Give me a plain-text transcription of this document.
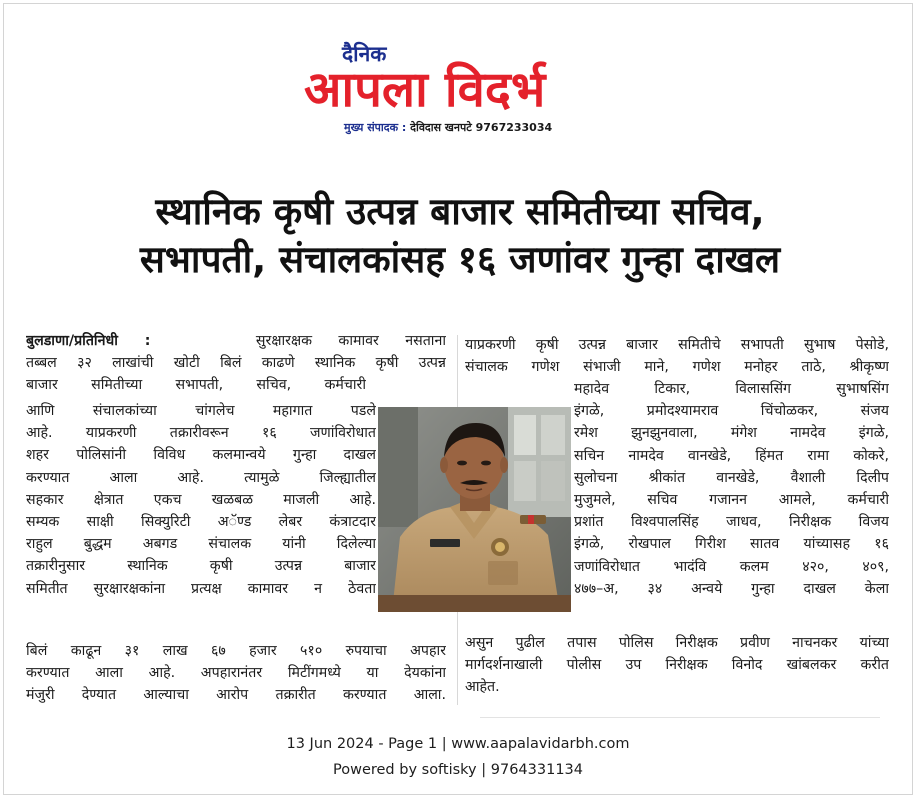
दैनिक
आपला विदर्भ
मुख्य संपादक : देविदास खनपटे 9767233034
स्थानिक कृषी उत्पन्न बाजार समितीच्या सचिव,
सभापती, संचालकांसह १६ जणांवर गुन्हा दाखल
बुलडाणा/प्रतिनिधी :	सुरक्षारक्षक कामावर नसताना
तब्बल ३२ लाखांची खोटी बिलं काढणे स्थानिक कृषी उत्पन्न
बाजार समितीच्या सभापती, सचिव, कर्मचारी
आणि संचालकांच्या चांगलेच महागात पडले
आहे. याप्रकरणी तक्रारीवरून १६ जणांविरोधात
शहर पोलिसांनी विविध कलमान्वये गुन्हा दाखल
करण्यात आला आहे. त्यामुळे जिल्ह्यातील
सहकार क्षेत्रात एकच खळबळ माजली आहे.
सम्यक साक्षी सिक्युरिटी अॅण्ड लेबर कंत्राटदार
राहुल बुद्धम अबगड संचालक यांनी दिलेल्या
तक्रारीनुसार स्थानिक कृषी उत्पन्न बाजार
समितीत सुरक्षारक्षकांना प्रत्यक्ष कामावर न ठेवता
बिलं काढून ३१ लाख ६७ हजार ५१० रुपयाचा अपहार
करण्यात आला आहे. अपहारानंतर मिटींगमध्ये या देयकांना
मंजुरी देण्यात आल्याचा आरोप तक्रारीत करण्यात आला.
याप्रकरणी कृषी उत्पन्न बाजार समितीचे सभापती सुभाष पेसोडे,
संचालक गणेश संभाजी माने, गणेश मनोहर ताठे, श्रीकृष्ण
महादेव टिकार, विलाससिंग सुभाषसिंग
इंगळे, प्रमोदश्यामराव चिंचोळकर, संजय
रमेश झुनझुनवाला, मंगेश नामदेव इंगळे,
सचिन नामदेव वानखेडे, हिंमत रामा कोकरे,
सुलोचना श्रीकांत वानखेडे, वैशाली दिलीप
मुजुमले, सचिव गजानन आमले, कर्मचारी
प्रशांत विश्वपालसिंह जाधव, निरीक्षक विजय
इंगळे, रोखपाल गिरीश सातव यांच्यासह १६
जणांविरोधात भादंवि कलम ४२०, ४०९,
४७७–अ, ३४ अन्वये गुन्हा दाखल केला
असुन पुढील तपास पोलिस निरीक्षक प्रवीण नाचनकर यांच्या
मार्गदर्शनाखाली पोलीस उप निरीक्षक विनोद खांबलकर करीत
आहेत.
13 Jun 2024 - Page 1 | www.aapalavidarbh.com
Powered by softisky | 9764331134
